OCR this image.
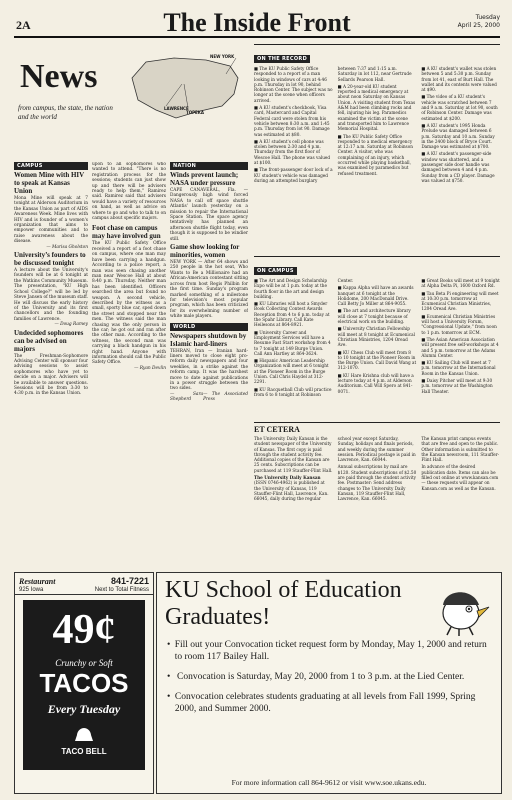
2A	The Inside Front	Tuesday
April 25, 2000
News
from campus, the state, the nation and the world
LAWRENCE
TOPEKA
NEW YORK
CAMPUS
Women Mine with HIV to speak at Kansas Union
Mona Mine will speak at 7 tonight at Alderson Auditorium in the Kansas Union as part of AIDS Awareness Week. Mine lives with HIV and is founder of a women's organization that aims to empower communities and to raise awareness about the disease.
— Marisa Gholston
University’s founders to be discussed tonight
A lecture about the University's founders will be at 6 tonight at the Watkins Community Museum. The presentation, "KU High School College?" will be led by Steve Jansen of the museum staff. He will discuss the early history of the University and its first chancellors and the founding families of Lawrence.
— Doug Ramey
Undecided sophomores can be advised on majors
The Freshman-Sophomore Advising Center will sponsor four advising sessions to assist sophomores who have yet to decide on a major. Advisers will be available to answer questions. Sessions will be from 3:30 to 4:30 p.m. in the Kansas Union.
upon to all sophomores who wanted to attend. "There is no registration process for the sessions; students can just show up and there will be advisers ready to help them," Ramirez said. Ramirez said that advisers would have a variety of resources on hand, as well as advice on where to go and who to talk to on campus about specific majors.
Foot chase on campus may have involved gun
The KU Public Safety Office received a report of a foot chase on campus, where one man may have been carrying a handgun. According to a police report, a man was seen chasing another man near Wescoe Hall at about 8:40 p.m. Thursday. Neither man has been identified. Officers searched the area but found no weapon. A second vehicle, described by the witness as a small, sporty blue car, sped down the street and stopped near the men. The witness said the man chasing was the only person in the car; he got out and ran after the other man. According to the witness, the second man was carrying a black handgun in his right hand. Anyone with information should call the Public Safety Office.
— Ryan Devlin
NATION
Winds prevent launch; NASA under pressure
CAPE CANAVERAL, Fla. — Dangerously high wind forced NASA to call off space shuttle Atlantis' launch yesterday on a mission to repair the International Space Station. The space agency tentatively has planned an afternoon shuttle flight today, even though it is supposed to be windier still.
Game show looking for minorities, women
NEW YORK — After 64 shows and 250 people in the hot seat, Who Wants to Be a Millionaire had an African-American contestant sitting across from host Regis Philbin for the first time. Sunday's program marked something of a milestone for television's most popular program, which has been criticized for its overwhelming number of white male players.
WORLD
Newspapers shutdown by Islamic hard-liners
TEHRAN, Iran — Iranian hard-liners moved to close eight pro-reform daily newspapers and four weeklies, in a strike against the reform camp. It was the harshest move to date against publications in a power struggle between the two sides.
— Sara Shepherd
— The Associated Press
ON THE RECORD

■ The KU Public Safety Office responded to a report of a man looking in windows of cars at 4:46 p.m. Thursday in lot 90, behind Robinson Center. The subject was no longer at the scene when officers arrived.

■ A KU student's checkbook, Visa card, Mastercard and Capital Federal card were stolen from his vehicle between 8:30 a.m. and 1:45 p.m. Thursday from lot 90. Damage was estimated at $80.

■ A KU student's cell phone was stolen between 2:30 and 4 p.m. Thursday from the first floor of Wescoe Hall. The phone was valued at $100.

■ The front-passenger door lock of a KU student's vehicle was damaged during an attempted burglary between 7:37 and 1:15 a.m. Saturday in lot 112, near Gertrude Sellards Pearson Hall.

■ A 20-year-old KU student reported a medical emergency at about noon Saturday on Kansas Union. A visiting student from Texas A&M had been climbing rocks and fell, injuring his leg. Paramedics examined the victim at the scene and transported him to Lawrence Memorial Hospital.

■ The KU Public Safety Office responded to a medical emergency at 12:17 a.m. Saturday at Robinson Center. A visitor, who was complaining of an injury, which occurred while playing basketball, was examined by paramedics but refused treatment.

■ A KU student's wallet was stolen between 5 and 5:30 p.m. Sunday from lot 41, east of Burt Hall. The wallet and its contents were valued at $90.

■ The video of a KU student's vehicle was scratched between 7 and 9 a.m. Saturday at lot 90, south of Robinson Center. Damage was estimated at $200.

■ A KU student's 1995 Honda Prelude was damaged between 6 p.m. Saturday and 10 a.m. Sunday in the 2400 block of Bryce Court. Damage was estimated at $700.

■ A KU student's passenger-side window was shattered, and a passenger side door handle was damaged between 4 and 4 p.m. Sunday from a CD player. Damage was valued at $750.

ON CAMPUS

■ The Art and Design Scholarship Expo will be at 1 p.m. today at the fourth floor in the art and design building.

■ KU Libraries will host a Smyder Book Collecting Contest Awards Reception from 4 to 6 p.m. today at the Spahr Library. Call Kate Heilesons at 864-8921.

■ University Career and Employment Services will have a Resume Fast Start workshop from 4 to 7 tonight at 149 Burge Union. Call Ann Hartley at 864-3624.

■ Hispanic American Leadership Organization will meet at 6 tonight at the Pioneer Room in the Burge Union. Call Chris Haydel at 312-2291.

■ KU Racquetball Club will practice from 6 to 8 tonight at Robinson Center.

■ Kappa Alpha will have an awards banquet at 6 tonight at the Holidome, 200 MacDonald Drive. Call Betty Jo Miller at 864-9055.

■ The art and architecture library will close at 7 tonight because of electrical work on the building.

■ University Christian Fellowship will meet at 8 tonight at Ecumenical Christian Ministries, 1204 Oread Ave.

■ KU Chess Club will meet from 8 to 10 tonight at the Pioneer Room in the Burge Union. Call David Wang at 312-1070.

■ KU Hare Krishna club will have a lecture today at 4 p.m. at Alderson Auditorium. Call Will Spero at 841-0071.

■ Great Books will meet at 9 tonight at Alpha Delta Pi, 1600 Oxford Rd.

■ Tau Beta Pi engineering will meet at 10:30 p.m. tomorrow at Ecumenical Christian Ministries, 1204 Oread Ave.

■ Ecumenical Christian Ministries will host a University Forum, "Congressional Update," from noon to 1 p.m. tomorrow at ECM.

■ The Asian American Association will present free self-workshops at 4 and 5 p.m. tomorrow at the Adams Alumni Center.

■ KU Sailing Club will meet at 7 p.m. tomorrow at the International Room in the Kansas Union.

■ Daisy Pitcher will meet at 9:30 p.m. tomorrow at the Washington Hall Theater.

ET CETERA

The University Daily Kansan is the student newspaper of the University of Kansas. The first copy is paid through the student activity fee. Additional copies of the Kansan are 25 cents. Subscriptions can be purchased at 119 Stauffer-Flint Hall.

The University Daily Kansan (ISSN 0746-4962) is published at the University of Kansas, 119 Stauffer-Flint Hall, Lawrence, Kan. 66045, daily during the regular school year except Saturday, Sunday, holidays and finals periods, and weekly during the summer session. Periodical postage is paid in Lawrence, Kan. 66044.

Annual subscriptions by mail are $120. Student subscriptions of $2.50 are paid through the student activity fee. Postmaster: Send address changes to The University Daily Kansan, 119 Stauffer-Flint Hall, Lawrence, Kan. 66045.

The Kansan print campus events that are free and open to the public. Other information is submitted to the Kansan newsroom, 111 Stauffer-Flint Hall.

In advance of the desired publication date. Items can also be filled out online at www.kansan.com — these requests will appear on Kansan.com as well as the Kansan.

Restaurant	841-7221
925 Iowa	Next to Total Fitness
49¢
Crunchy or Soft
TACOS
Every Tuesday
TACO BELL
KU School of Education Graduates!
• Fill out your Convocation ticket request form by Monday, May 1, 2000 and return to room 117 Bailey Hall.
• Convocation is Saturday, May 20, 2000 from 1 to 3 p.m. at the Lied Center.
• Convocation celebrates students graduating at all levels from Fall 1999, Spring 2000, and Summer 2000.
For more information call 864-9612 or visit www.soe.ukans.edu.
